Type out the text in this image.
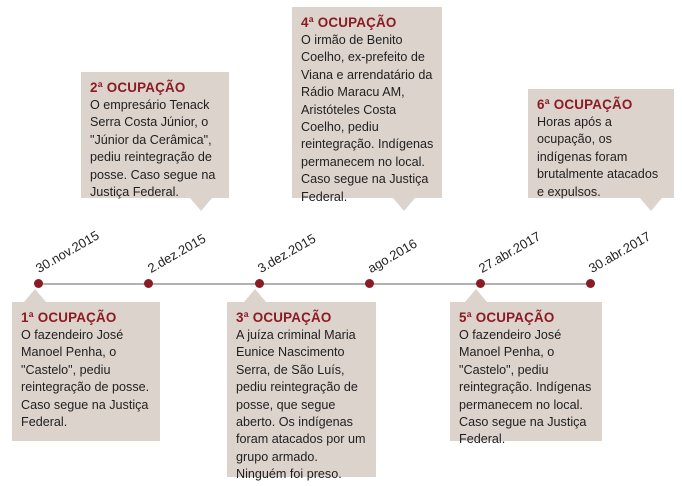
30.nov.2015	2.dez.2015	3.dez.2015	ago.2016	27.abr.2017	30.abr.2017
1ª OCUPAÇÃO
O fazendeiro José
Manoel Penha, o
"Castelo", pediu
reintegração de posse.
Caso segue na Justiça
Federal.
2ª OCUPAÇÃO
O empresário Tenack
Serra Costa Júnior, o
"Júnior da Cerâmica",
pediu reintegração de
posse. Caso segue na
Justiça Federal.
3ª OCUPAÇÃO
A juíza criminal Maria
Eunice Nascimento
Serra, de São Luís,
pediu reintegração de
posse, que segue
aberto. Os indígenas
foram atacados por um
grupo armado.
Ninguém foi preso.
4ª OCUPAÇÃO
O irmão de Benito
Coelho, ex-prefeito de
Viana e arrendatário da
Rádio Maracu AM,
Aristóteles Costa
Coelho, pediu
reintegração. Indígenas
permanecem no local.
Caso segue na Justiça
Federal.
5ª OCUPAÇÃO
O fazendeiro José
Manoel Penha, o
"Castelo", pediu
reintegração. Indígenas
permanecem no local.
Caso segue na Justiça
Federal.
6ª OCUPAÇÃO
Horas após a
ocupação, os
indígenas foram
brutalmente atacados
e expulsos.
